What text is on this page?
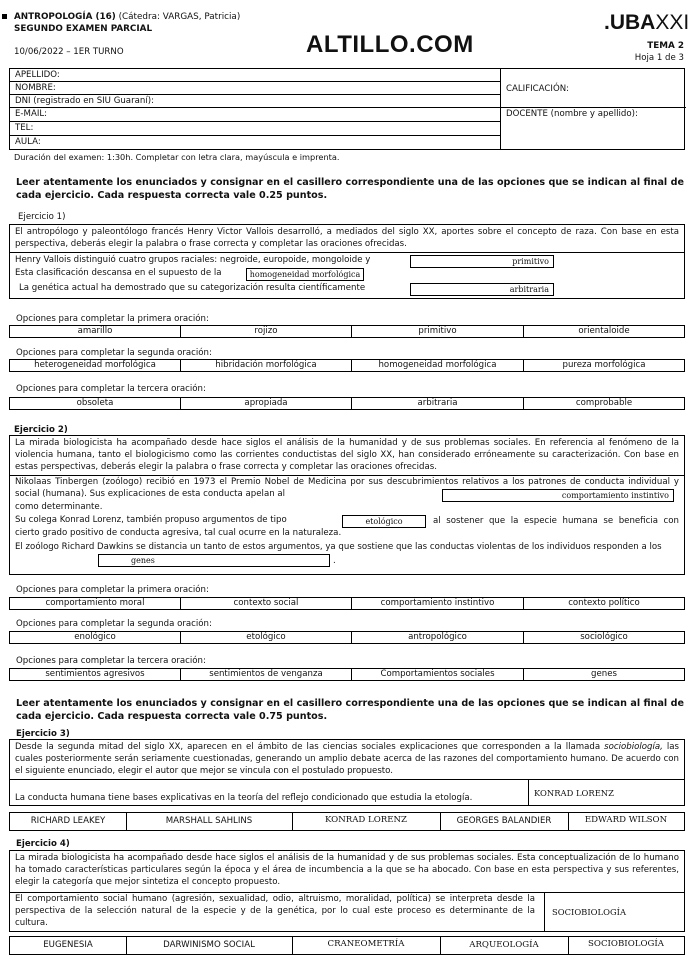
ANTROPOLOGÍA (16) (Cátedra: VARGAS, Patricia)
SEGUNDO EXAMEN PARCIAL
10/06/2022 – 1ER TURNO	ALTILLO.COM
.UBAXXI
TEMA 2
Hoja 1 de 3
APELLIDO:
NOMBRE:
DNI (registrado en SIU Guaraní):
E-MAIL:
TEL:
AULA:
CALIFICACIÓN:
DOCENTE (nombre y apellido):
Duración del examen: 1:30h. Completar con letra clara, mayúscula e imprenta.
Leer atentamente los enunciados y consignar en el casillero correspondiente una de las opciones que se indican al final de cada ejercicio. Cada respuesta correcta vale 0.25 puntos.
Ejercicio 1)
El antropólogo y paleontólogo francés Henry Victor Vallois desarrolló, a mediados del siglo XX, aportes sobre el concepto de raza. Con base en esta perspectiva, deberás elegir la palabra o frase correcta y completar las oraciones ofrecidas.
Henry Vallois distinguió cuatro grupos raciales: negroide, europoide, mongoloide y	primitivo
Esta clasificación descansa en el supuesto de la	homogeneidad morfológica
La genética actual ha demostrado que su categorización resulta científicamente	arbitraria
Opciones para completar la primera oración:
amarillo	rojizo	primitivo	orientaloide
Opciones para completar la segunda oración:
heterogeneidad morfológica	hibridación morfológica	homogeneidad morfológica	pureza morfológica
Opciones para completar la tercera oración:
obsoleta	apropiada	arbitraria	comprobable
Ejercicio 2)
La mirada biologicista ha acompañado desde hace siglos el análisis de la humanidad y de sus problemas sociales. En referencia al fenómeno de la violencia humana, tanto el biologicismo como las corrientes conductistas del siglo XX, han considerado erróneamente su caracterización. Con base en estas perspectivas, deberás elegir la palabra o frase correcta y completar las oraciones ofrecidas.
Nikolaas Tinbergen (zoólogo) recibió en 1973 el Premio Nobel de Medicina por sus descubrimientos relativos a los patrones de conducta individual y social (humana). Sus explicaciones de esta conducta apelan al	comportamiento instintivo
como determinante.
Su colega Konrad Lorenz, también propuso argumentos de tipo	etológico	al sostener que la especie humana se beneficia con cierto grado positivo de conducta agresiva, tal cual ocurre en la naturaleza.
El zoólogo Richard Dawkins se distancia un tanto de estos argumentos, ya que sostiene que las conductas violentas de los individuos responden a los
genes	.
Opciones para completar la primera oración:
comportamiento moral	contexto social	comportamiento instintivo	contexto político
Opciones para completar la segunda oración:
enológico	etológico	antropológico	sociológico
Opciones para completar la tercera oración:
sentimientos agresivos	sentimientos de venganza	Comportamientos sociales	genes
Leer atentamente los enunciados y consignar en el casillero correspondiente una de las opciones que se indican al final de cada ejercicio. Cada respuesta correcta vale 0.75 puntos.
Ejercicio 3)
Desde la segunda mitad del siglo XX, aparecen en el ámbito de las ciencias sociales explicaciones que corresponden a la llamada sociobiología, las cuales posteriormente serán seriamente cuestionadas, generando un amplio debate acerca de las razones del comportamiento humano. De acuerdo con el siguiente enunciado, elegir el autor que mejor se vincula con el postulado propuesto.
La conducta humana tiene bases explicativas en la teoría del reflejo condicionado que estudia la etología.	KONRAD LORENZ
RICHARD LEAKEY	MARSHALL SAHLINS	KONRAD LORENZ	GEORGES BALANDIER	EDWARD WILSON
Ejercicio 4)
La mirada biologicista ha acompañado desde hace siglos el análisis de la humanidad y de sus problemas sociales. Esta conceptualización de lo humano ha tomado características particulares según la época y el área de incumbencia a la que se ha abocado. Con base en esta perspectiva y sus referentes, elegir la categoría que mejor sintetiza el concepto propuesto.
El comportamiento social humano (agresión, sexualidad, odio, altruismo, moralidad, política) se interpreta desde la perspectiva de la selección natural de la especie y de la genética, por lo cual este proceso es determinante de la cultura.
SOCIOBIOLOGÍA
EUGENESIA	DARWINISMO SOCIAL	CRANEOMETRÍA	ARQUEOLOGÍA	SOCIOBIOLOGÍA
